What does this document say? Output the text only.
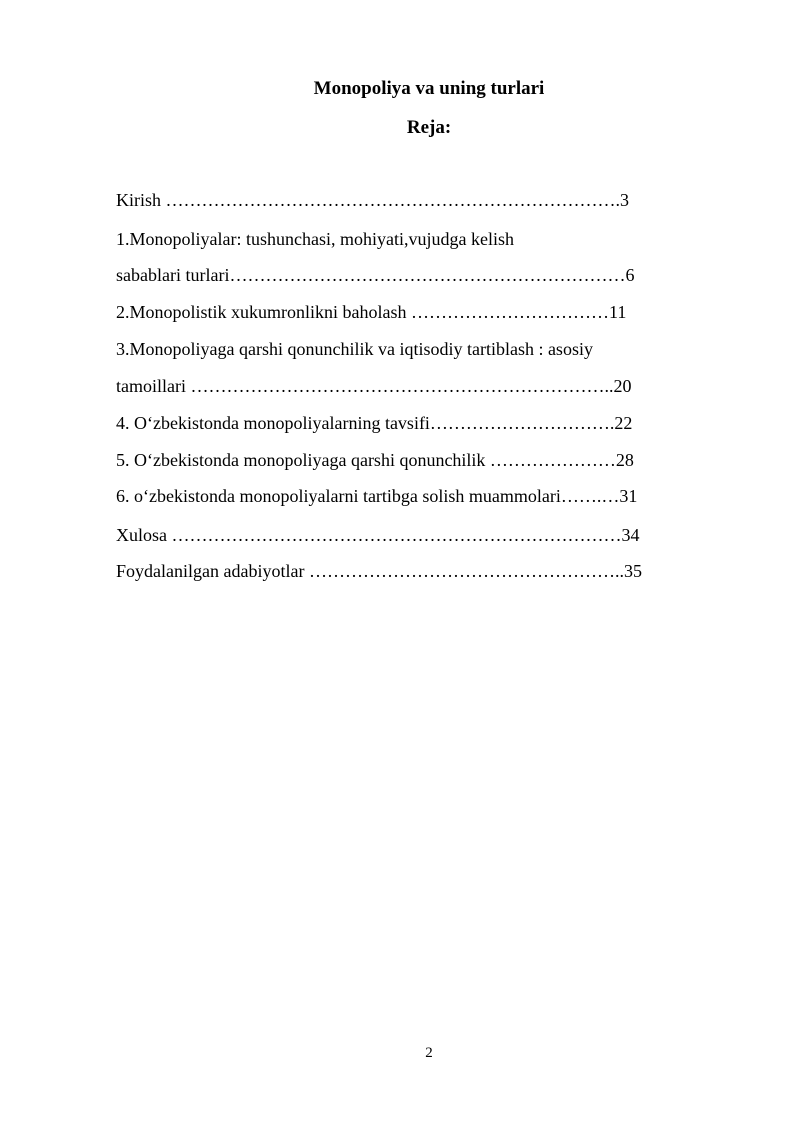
Monopoliya va uning turlari
Reja:
Kirish ………………………………………………………………….3
1.Monopoliyalar: tushunchasi, mohiyati,vujudga kelish
sabablari turlari…………………………………………………………6
2.Monopolistik xukumronlikni baholash ……………………………11
3.Monopoliyaga qarshi qonunchilik va iqtisodiy tartiblash : asosiy
tamoillari ……………………………………………………………..20
4. O‘zbekistonda monopoliyalarning tavsifi………………………….22
5. O‘zbekistonda monopoliyaga qarshi qonunchilik …………………28
6. o‘zbekistonda monopoliyalarni tartibga solish muammolari…….…31
Xulosa …………………………………………………………………34
Foydalanilgan adabiyotlar ……………………………………………..35
2
